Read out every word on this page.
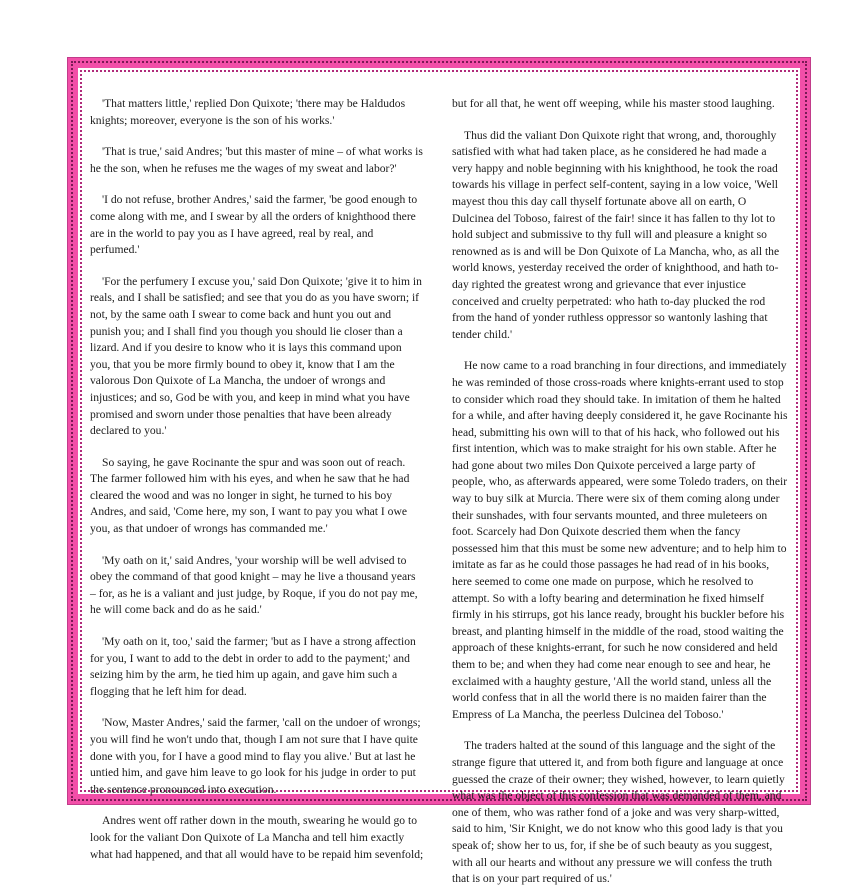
'That matters little,' replied Don Quixote; 'there may be Haldudos knights; moreover, everyone is the son of his works.'

'That is true,' said Andres; 'but this master of mine – of what works is he the son, when he refuses me the wages of my sweat and labor?'

'I do not refuse, brother Andres,' said the farmer, 'be good enough to come along with me, and I swear by all the orders of knighthood there are in the world to pay you as I have agreed, real by real, and perfumed.'

'For the perfumery I excuse you,' said Don Quixote; 'give it to him in reals, and I shall be satisfied; and see that you do as you have sworn; if not, by the same oath I swear to come back and hunt you out and punish you; and I shall find you though you should lie closer than a lizard. And if you desire to know who it is lays this command upon you, that you be more firmly bound to obey it, know that I am the valorous Don Quixote of La Mancha, the undoer of wrongs and injustices; and so, God be with you, and keep in mind what you have promised and sworn under those penalties that have been already declared to you.'

So saying, he gave Rocinante the spur and was soon out of reach. The farmer followed him with his eyes, and when he saw that he had cleared the wood and was no longer in sight, he turned to his boy Andres, and said, 'Come here, my son, I want to pay you what I owe you, as that undoer of wrongs has commanded me.'

'My oath on it,' said Andres, 'your worship will be well advised to obey the command of that good knight – may he live a thousand years – for, as he is a valiant and just judge, by Roque, if you do not pay me, he will come back and do as he said.'

'My oath on it, too,' said the farmer; 'but as I have a strong affection for you, I want to add to the debt in order to add to the payment;' and seizing him by the arm, he tied him up again, and gave him such a flogging that he left him for dead.

'Now, Master Andres,' said the farmer, 'call on the undoer of wrongs; you will find he won't undo that, though I am not sure that I have quite done with you, for I have a good mind to flay you alive.' But at last he untied him, and gave him leave to go look for his judge in order to put the sentence pronounced into execution.

Andres went off rather down in the mouth, swearing he would go to look for the valiant Don Quixote of La Mancha and tell him exactly what had happened, and that all would have to be repaid him sevenfold;

but for all that, he went off weeping, while his master stood laughing.

Thus did the valiant Don Quixote right that wrong, and, thoroughly satisfied with what had taken place, as he considered he had made a very happy and noble beginning with his knighthood, he took the road towards his village in perfect self-content, saying in a low voice, 'Well mayest thou this day call thyself fortunate above all on earth, O Dulcinea del Toboso, fairest of the fair! since it has fallen to thy lot to hold subject and submissive to thy full will and pleasure a knight so renowned as is and will be Don Quixote of La Mancha, who, as all the world knows, yesterday received the order of knighthood, and hath to-day righted the greatest wrong and grievance that ever injustice conceived and cruelty perpetrated: who hath to-day plucked the rod from the hand of yonder ruthless oppressor so wantonly lashing that tender child.'

He now came to a road branching in four directions, and immediately he was reminded of those cross-roads where knights-errant used to stop to consider which road they should take. In imitation of them he halted for a while, and after having deeply considered it, he gave Rocinante his head, submitting his own will to that of his hack, who followed out his first intention, which was to make straight for his own stable. After he had gone about two miles Don Quixote perceived a large party of people, who, as afterwards appeared, were some Toledo traders, on their way to buy silk at Murcia. There were six of them coming along under their sunshades, with four servants mounted, and three muleteers on foot. Scarcely had Don Quixote descried them when the fancy possessed him that this must be some new adventure; and to help him to imitate as far as he could those passages he had read of in his books, here seemed to come one made on purpose, which he resolved to attempt. So with a lofty bearing and determination he fixed himself firmly in his stirrups, got his lance ready, brought his buckler before his breast, and planting himself in the middle of the road, stood waiting the approach of these knights-errant, for such he now considered and held them to be; and when they had come near enough to see and hear, he exclaimed with a haughty gesture, 'All the world stand, unless all the world confess that in all the world there is no maiden fairer than the Empress of La Mancha, the peerless Dulcinea del Toboso.'

The traders halted at the sound of this language and the sight of the strange figure that uttered it, and from both figure and language at once guessed the craze of their owner; they wished, however, to learn quietly what was the object of this confession that was demanded of them, and one of them, who was rather fond of a joke and was very sharp-witted, said to him, 'Sir Knight, we do not know who this good lady is that you speak of; show her to us, for, if she be of such beauty as you suggest, with all our hearts and without any pressure we will confess the truth that is on your part required of us.'
